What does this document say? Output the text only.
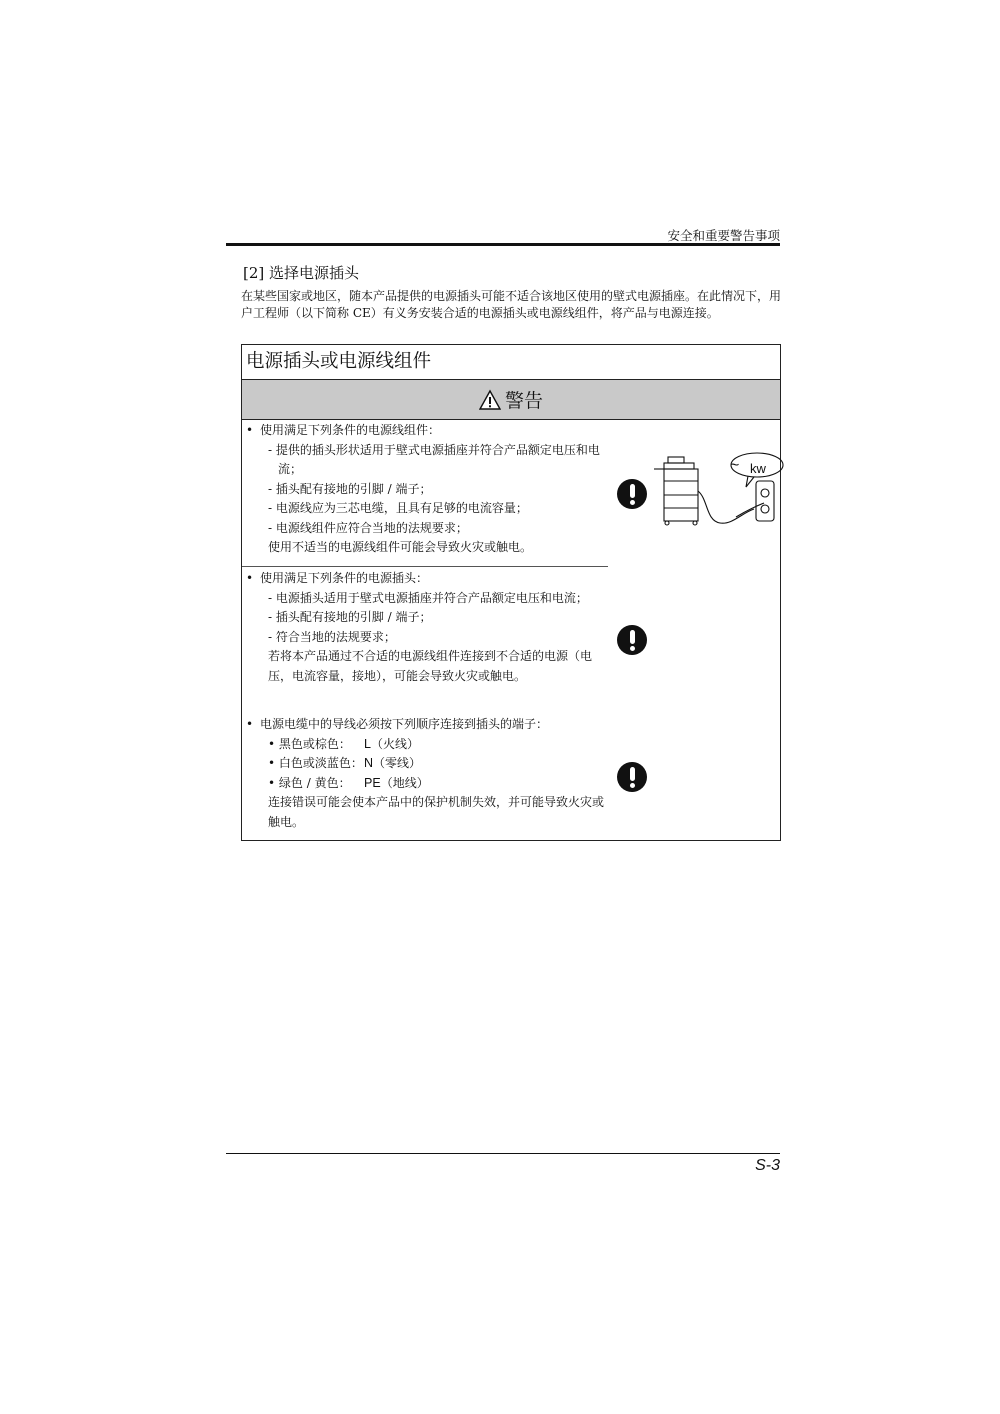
安全和重要警告事项
[2] 选择电源插头
在某些国家或地区，随本产品提供的电源插头可能不适合该地区使用的壁式电源插座。在此情况下，用户工程师（以下简称 CE）有义务安装合适的电源插头或电源线组件，将产品与电源连接。
电源插头或电源线组件
警告
• 使用满足下列条件的电源线组件：
- 提供的插头形状适用于壁式电源插座并符合产品额定电压和电流；
- 插头配有接地的引脚 / 端子；
- 电源线应为三芯电缆，且具有足够的电流容量；
- 电源线组件应符合当地的法规要求；
使用不适当的电源线组件可能会导致火灾或触电。
~ kw
• 使用满足下列条件的电源插头：
- 电源插头适用于壁式电源插座并符合产品额定电压和电流；
- 插头配有接地的引脚 / 端子；
- 符合当地的法规要求；
若将本产品通过不合适的电源线组件连接到不合适的电源（电压，电流容量，接地），可能会导致火灾或触电。
• 电源电缆中的导线必须按下列顺序连接到插头的端子：
• 黑色或棕色： L（火线）
• 白色或淡蓝色：N（零线）
• 绿色 / 黄色： PE（地线）
连接错误可能会使本产品中的保护机制失效，并可能导致火灾或触电。
S-3
